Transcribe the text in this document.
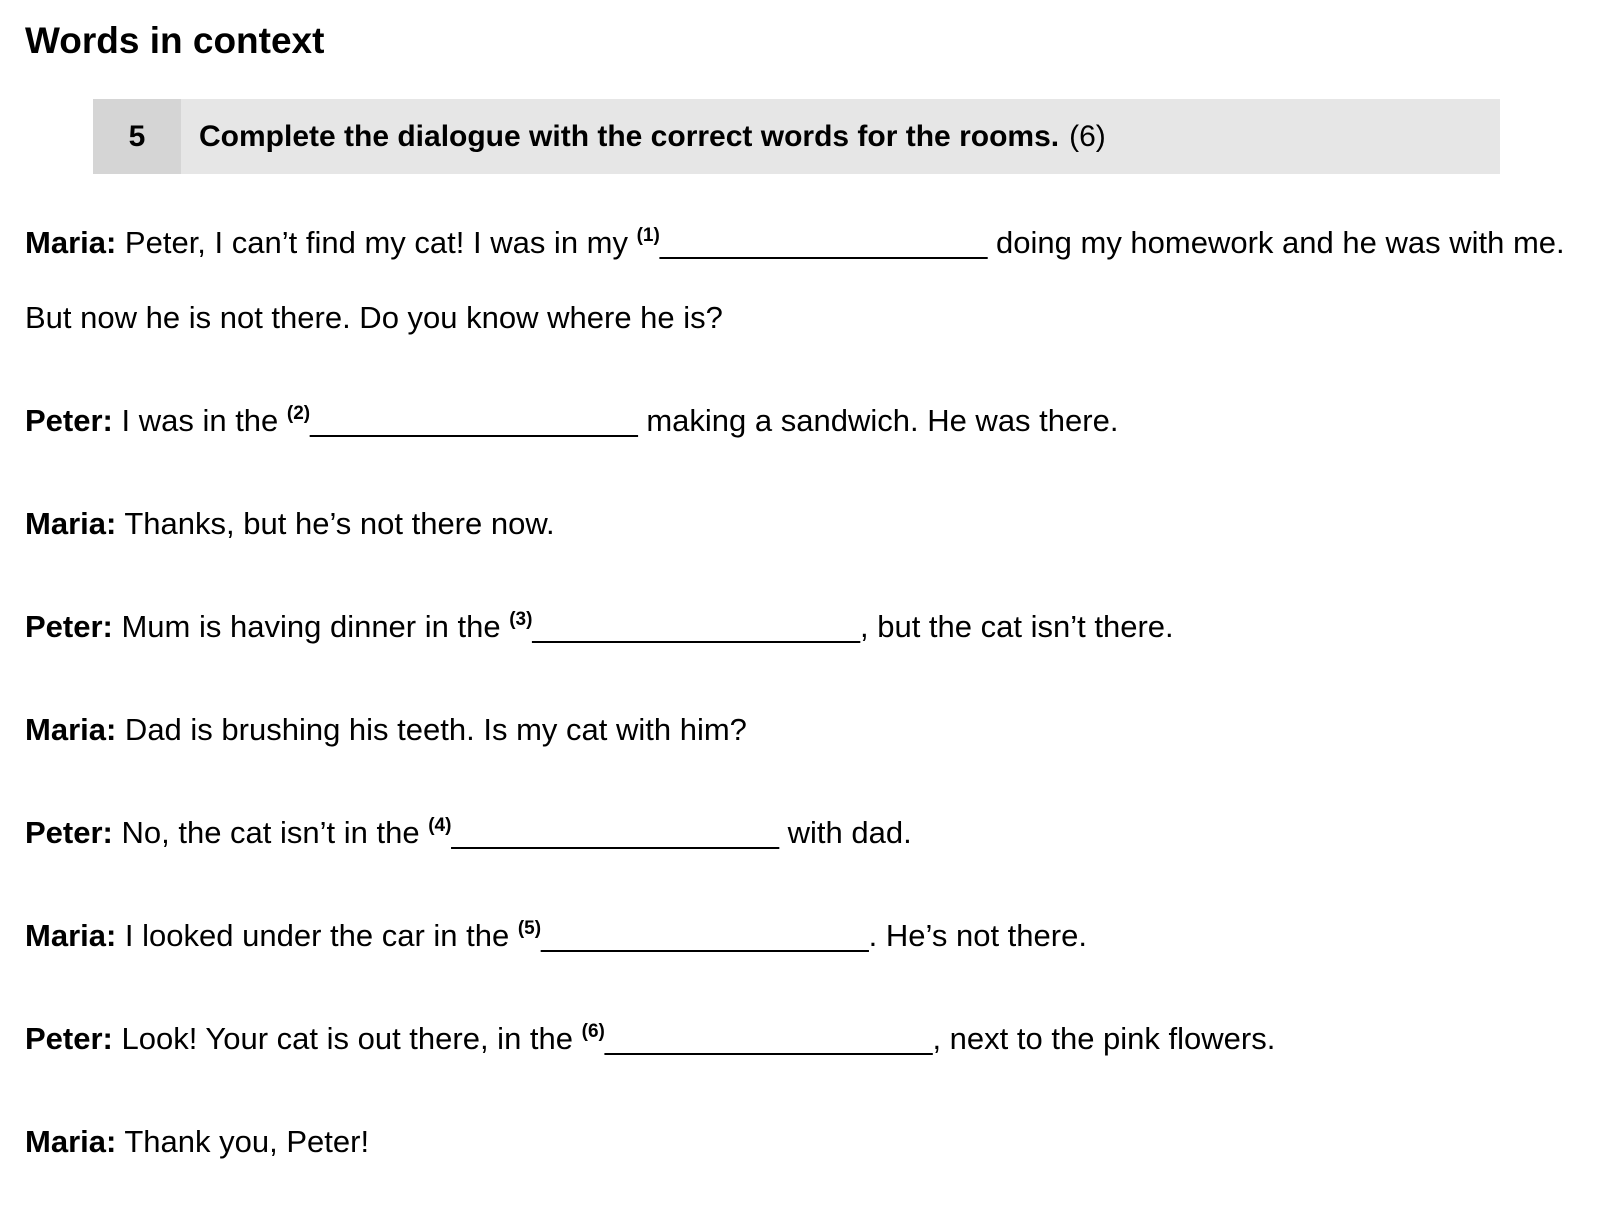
Words in context
5	Complete the dialogue with the correct words for the rooms. (6)

Maria: Peter, I can’t find my cat! I was in my $^{(1)}$___________________ doing my homework and he was with me. But now he is not there. Do you know where he is?

Peter: I was in the $^{(2)}$___________________ making a sandwich. He was there.

Maria: Thanks, but he’s not there now.

Peter: Mum is having dinner in the $^{(3)}$___________________, but the cat isn’t there.

Maria: Dad is brushing his teeth. Is my cat with him?

Peter: No, the cat isn’t in the $^{(4)}$___________________ with dad.

Maria: I looked under the car in the $^{(5)}$___________________. He’s not there.

Peter: Look! Your cat is out there, in the $^{(6)}$___________________, next to the pink flowers.

Maria: Thank you, Peter!
